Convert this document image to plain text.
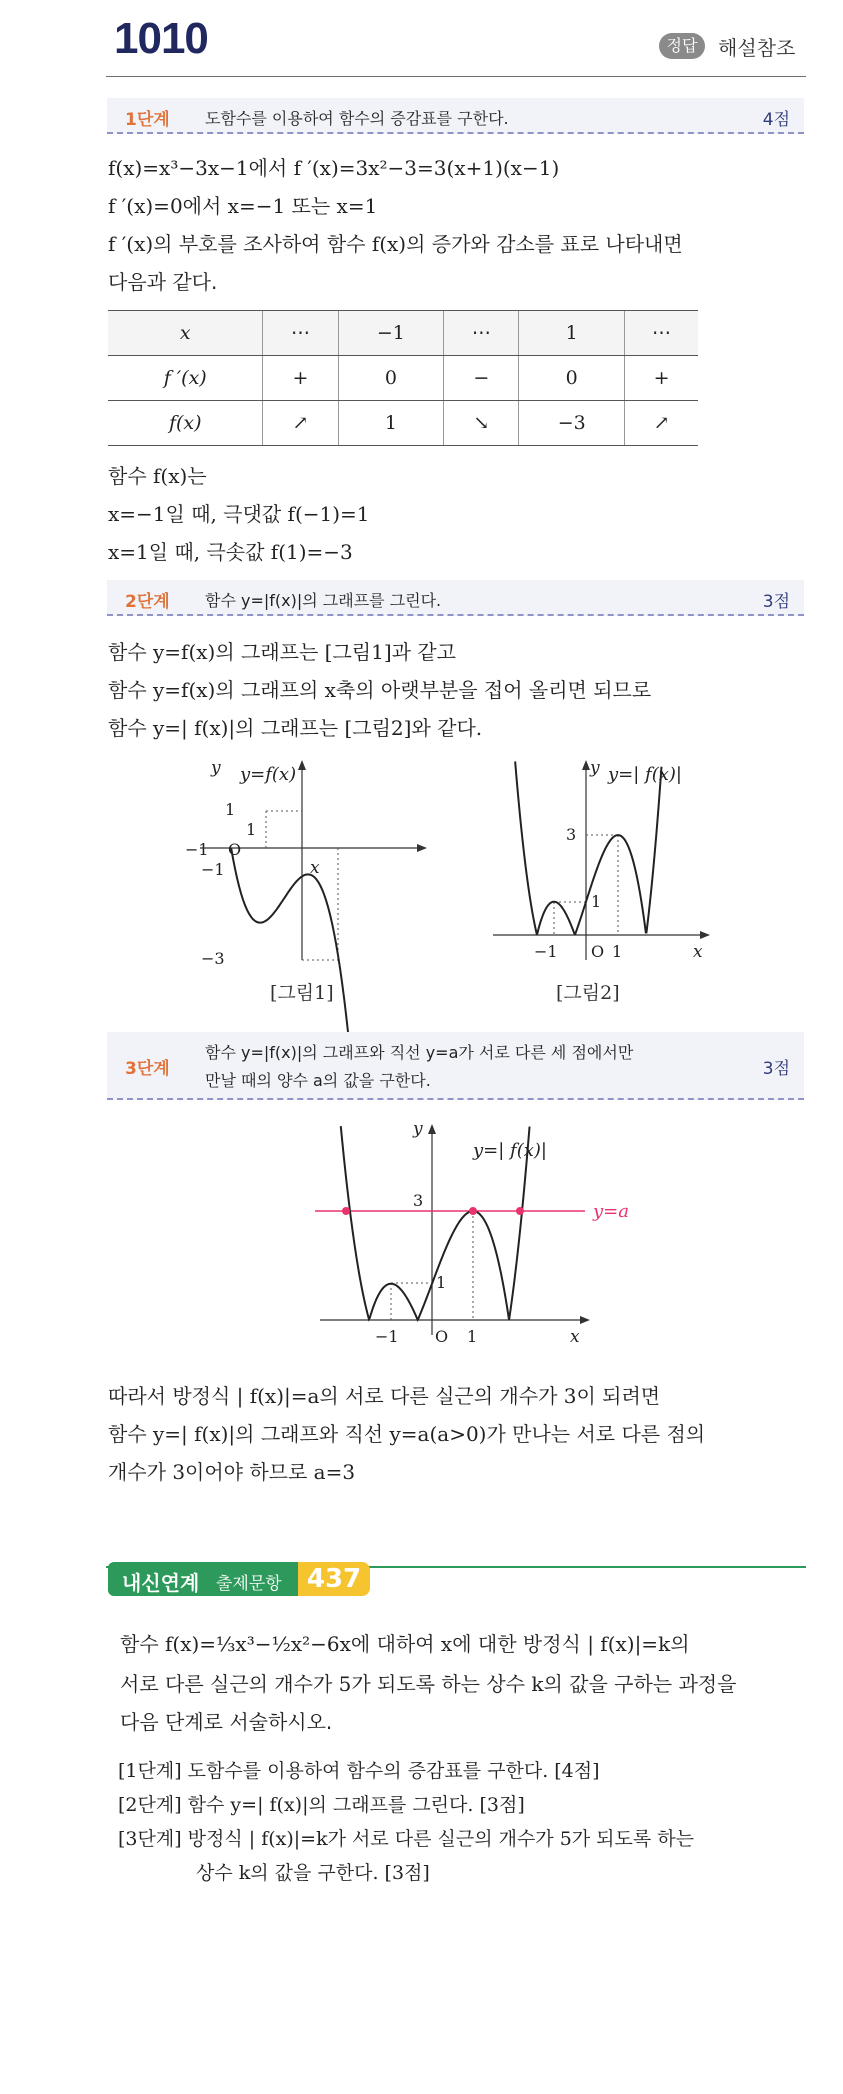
1010	정답	해설참조
1단계 도함수를 이용하여 함수의 증감표를 구한다.	4점
f(x)=x³−3x−1에서 f ′(x)=3x²−3=3(x+1)(x−1)
f ′(x)=0에서 x=−1 또는 x=1
f ′(x)의 부호를 조사하여 함수 f(x)의 증가와 감소를 표로 나타내면
다음과 같다.
x	⋯	−1	⋯	1	⋯
f ′(x)	+	0	−	0	+
f(x)	↗	1	↘	−3	↗
함수 f(x)는
x=−1일 때, 극댓값 f(−1)=1
x=1일 때, 극솟값 f(1)=−3
2단계 함수 y=|f(x)|의 그래프를 그린다.	3점
함수 y=f(x)의 그래프는 [그림1]과 같고
함수 y=f(x)의 그래프의 x축의 아랫부분을 접어 올리면 되므로
함수 y=| f(x)|의 그래프는 [그림2]와 같다.
y=f(x)
y
x
O
1
1
−1
−1
−3
[그림1]
y=| f(x)|
y
x
O
3
1
−1	1
[그림2]
3단계
함수 y=|f(x)|의 그래프와 직선 y=a가 서로 다른 세 점에서만
만날 때의 양수 a의 값을 구한다.
3점
y=| f(x)|
y=a
y
x
O
3
1
−1	1
따라서 방정식 | f(x)|=a의 서로 다른 실근의 개수가 3이 되려면
함수 y=| f(x)|의 그래프와 직선 y=a(a>0)가 만나는 서로 다른 점의
개수가 3이어야 하므로 a=3
내신연계 출제문항 437
함수 f(x)=⅓x³−½x²−6x에 대하여 x에 대한 방정식 | f(x)|=k의
서로 다른 실근의 개수가 5가 되도록 하는 상수 k의 값을 구하는 과정을
다음 단계로 서술하시오.
[1단계] 도함수를 이용하여 함수의 증감표를 구한다. [4점]
[2단계] 함수 y=| f(x)|의 그래프를 그린다. [3점]
[3단계] 방정식 | f(x)|=k가 서로 다른 실근의 개수가 5가 되도록 하는
상수 k의 값을 구한다. [3점]
